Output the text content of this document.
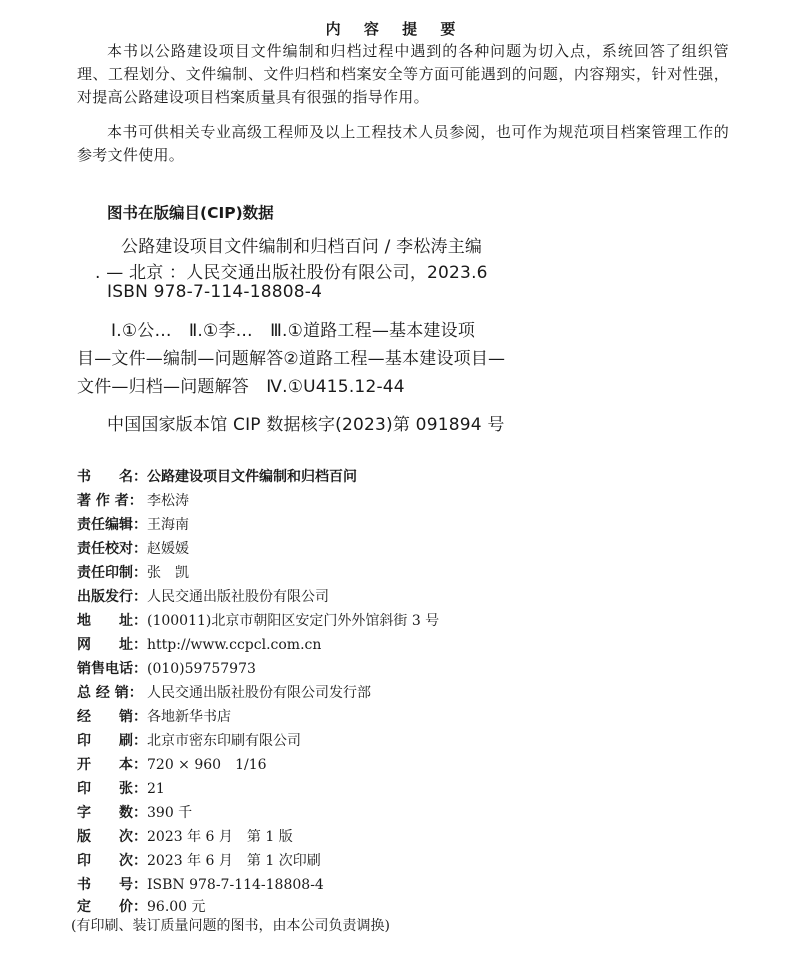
内 容 提 要

本书以公路建设项目文件编制和归档过程中遇到的各种问题为切入点，系统回答了组织管理、工程划分、文件编制、文件归档和档案安全等方面可能遇到的问题，内容翔实，针对性强，对提高公路建设项目档案质量具有很强的指导作用。

本书可供相关专业高级工程师及以上工程技术人员参阅，也可作为规范项目档案管理工作的参考文件使用。

图书在版编目(CIP)数据
公路建设项目文件编制和归档百问 / 李松涛主编
. — 北京 ：人民交通出版社股份有限公司，2023.6
ISBN 978-7-114-18808-4
Ⅰ.①公…　Ⅱ.①李…　Ⅲ.①道路工程—基本建设项
目—文件—编制—问题解答②道路工程—基本建设项目—
文件—归档—问题解答　Ⅳ.①U415.12-44
中国国家版本馆 CIP 数据核字(2023)第 091894 号
书　　名：公路建设项目文件编制和归档百问
著 作 者： 李松涛
责任编辑：王海南
责任校对：赵媛媛
责任印制：张　凯
出版发行：人民交通出版社股份有限公司
地　　址：(100011)北京市朝阳区安定门外外馆斜街 3 号
网　　址：http://www.ccpcl.com.cn
销售电话：(010)59757973
总 经 销： 人民交通出版社股份有限公司发行部
经　　销：各地新华书店
印　　刷：北京市密东印刷有限公司
开　　本：720 × 960　1/16
印　　张：21
字　　数：390 千
版　　次：2023 年 6 月　第 1 版
印　　次：2023 年 6 月　第 1 次印刷
书　　号：ISBN 978-7-114-18808-4
定　　价：96.00 元
(有印刷、装订质量问题的图书，由本公司负责调换)
